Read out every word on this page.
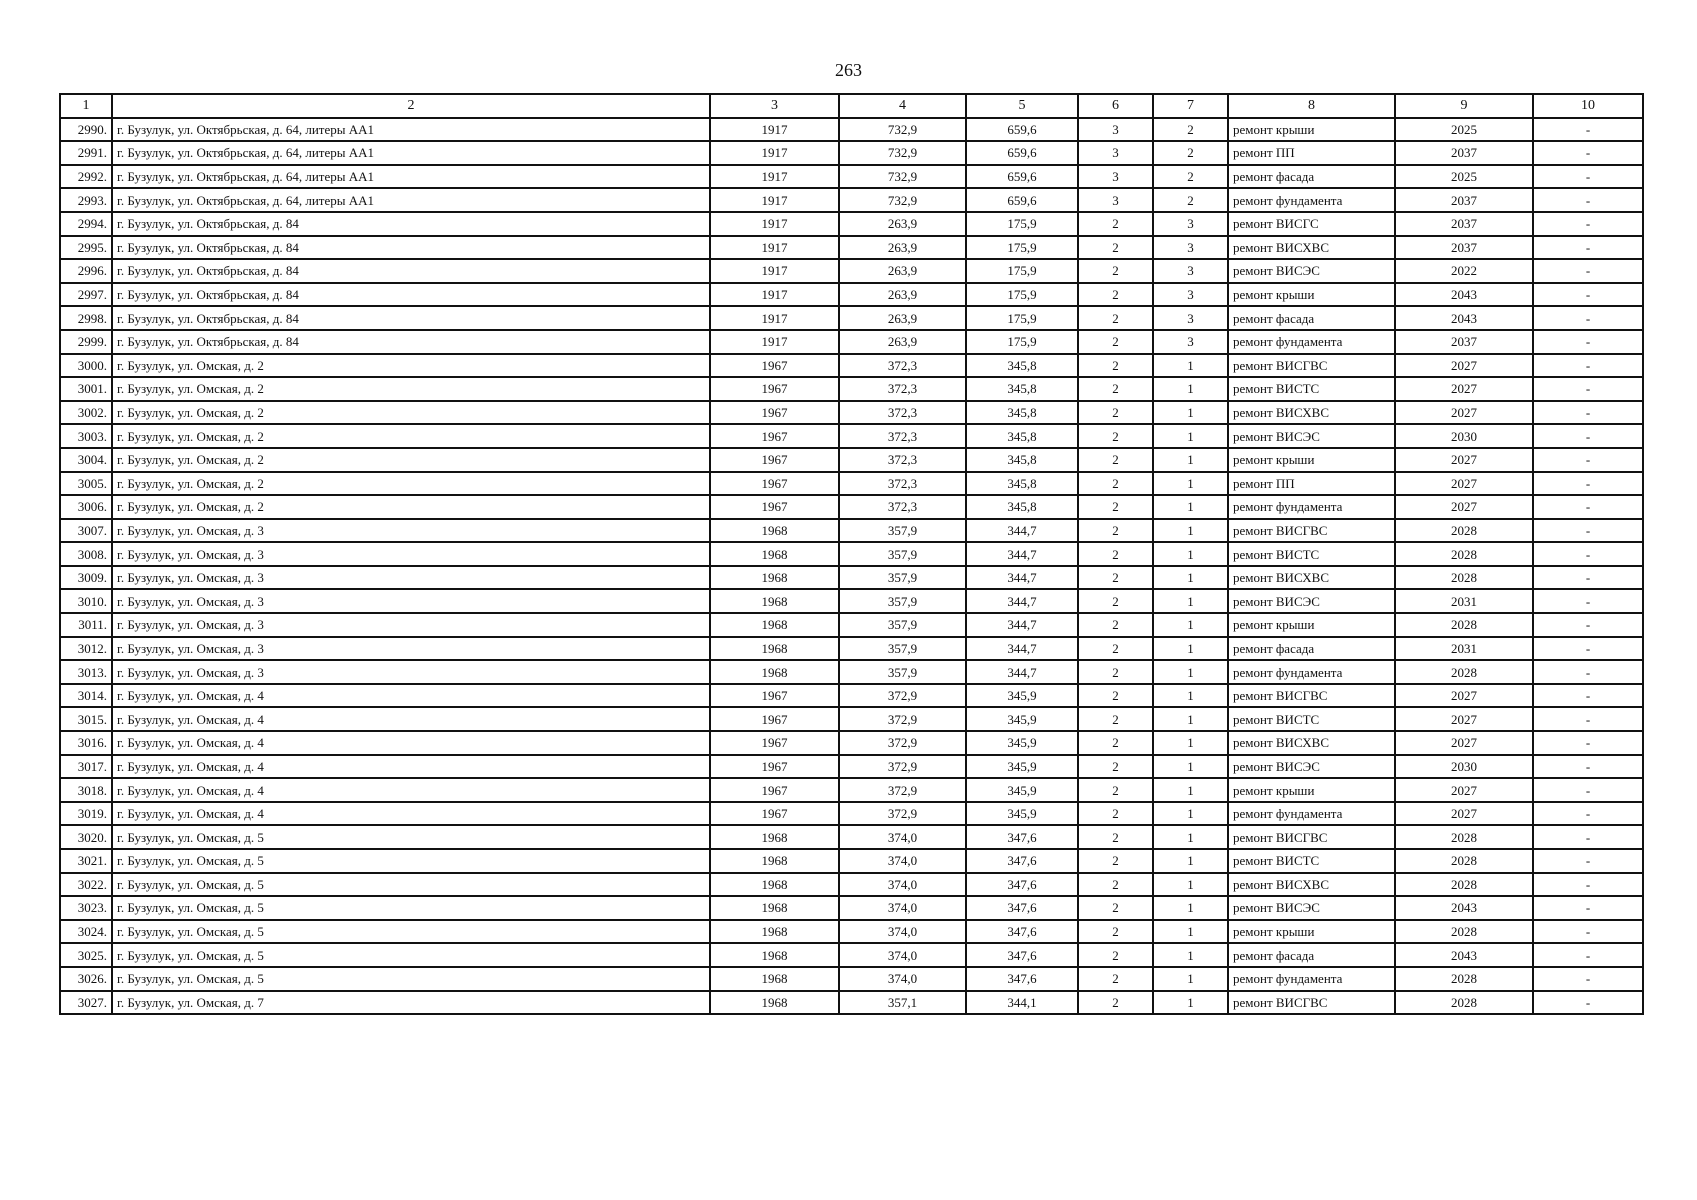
263
1	2	3	4	5	6	7	8	9	10
2990.	г. Бузулук, ул. Октябрьская, д. 64, литеры АА1	1917	732,9	659,6	3	2	ремонт крыши	2025	-
2991.	г. Бузулук, ул. Октябрьская, д. 64, литеры АА1	1917	732,9	659,6	3	2	ремонт ПП	2037	-
2992.	г. Бузулук, ул. Октябрьская, д. 64, литеры АА1	1917	732,9	659,6	3	2	ремонт фасада	2025	-
2993.	г. Бузулук, ул. Октябрьская, д. 64, литеры АА1	1917	732,9	659,6	3	2	ремонт фундамента	2037	-
2994.	г. Бузулук, ул. Октябрьская, д. 84	1917	263,9	175,9	2	3	ремонт ВИСГС	2037	-
2995.	г. Бузулук, ул. Октябрьская, д. 84	1917	263,9	175,9	2	3	ремонт ВИСХВС	2037	-
2996.	г. Бузулук, ул. Октябрьская, д. 84	1917	263,9	175,9	2	3	ремонт ВИСЭС	2022	-
2997.	г. Бузулук, ул. Октябрьская, д. 84	1917	263,9	175,9	2	3	ремонт крыши	2043	-
2998.	г. Бузулук, ул. Октябрьская, д. 84	1917	263,9	175,9	2	3	ремонт фасада	2043	-
2999.	г. Бузулук, ул. Октябрьская, д. 84	1917	263,9	175,9	2	3	ремонт фундамента	2037	-
3000.	г. Бузулук, ул. Омская, д. 2	1967	372,3	345,8	2	1	ремонт ВИСГВС	2027	-
3001.	г. Бузулук, ул. Омская, д. 2	1967	372,3	345,8	2	1	ремонт ВИСТС	2027	-
3002.	г. Бузулук, ул. Омская, д. 2	1967	372,3	345,8	2	1	ремонт ВИСХВС	2027	-
3003.	г. Бузулук, ул. Омская, д. 2	1967	372,3	345,8	2	1	ремонт ВИСЭС	2030	-
3004.	г. Бузулук, ул. Омская, д. 2	1967	372,3	345,8	2	1	ремонт крыши	2027	-
3005.	г. Бузулук, ул. Омская, д. 2	1967	372,3	345,8	2	1	ремонт ПП	2027	-
3006.	г. Бузулук, ул. Омская, д. 2	1967	372,3	345,8	2	1	ремонт фундамента	2027	-
3007.	г. Бузулук, ул. Омская, д. 3	1968	357,9	344,7	2	1	ремонт ВИСГВС	2028	-
3008.	г. Бузулук, ул. Омская, д. 3	1968	357,9	344,7	2	1	ремонт ВИСТС	2028	-
3009.	г. Бузулук, ул. Омская, д. 3	1968	357,9	344,7	2	1	ремонт ВИСХВС	2028	-
3010.	г. Бузулук, ул. Омская, д. 3	1968	357,9	344,7	2	1	ремонт ВИСЭС	2031	-
3011.	г. Бузулук, ул. Омская, д. 3	1968	357,9	344,7	2	1	ремонт крыши	2028	-
3012.	г. Бузулук, ул. Омская, д. 3	1968	357,9	344,7	2	1	ремонт фасада	2031	-
3013.	г. Бузулук, ул. Омская, д. 3	1968	357,9	344,7	2	1	ремонт фундамента	2028	-
3014.	г. Бузулук, ул. Омская, д. 4	1967	372,9	345,9	2	1	ремонт ВИСГВС	2027	-
3015.	г. Бузулук, ул. Омская, д. 4	1967	372,9	345,9	2	1	ремонт ВИСТС	2027	-
3016.	г. Бузулук, ул. Омская, д. 4	1967	372,9	345,9	2	1	ремонт ВИСХВС	2027	-
3017.	г. Бузулук, ул. Омская, д. 4	1967	372,9	345,9	2	1	ремонт ВИСЭС	2030	-
3018.	г. Бузулук, ул. Омская, д. 4	1967	372,9	345,9	2	1	ремонт крыши	2027	-
3019.	г. Бузулук, ул. Омская, д. 4	1967	372,9	345,9	2	1	ремонт фундамента	2027	-
3020.	г. Бузулук, ул. Омская, д. 5	1968	374,0	347,6	2	1	ремонт ВИСГВС	2028	-
3021.	г. Бузулук, ул. Омская, д. 5	1968	374,0	347,6	2	1	ремонт ВИСТС	2028	-
3022.	г. Бузулук, ул. Омская, д. 5	1968	374,0	347,6	2	1	ремонт ВИСХВС	2028	-
3023.	г. Бузулук, ул. Омская, д. 5	1968	374,0	347,6	2	1	ремонт ВИСЭС	2043	-
3024.	г. Бузулук, ул. Омская, д. 5	1968	374,0	347,6	2	1	ремонт крыши	2028	-
3025.	г. Бузулук, ул. Омская, д. 5	1968	374,0	347,6	2	1	ремонт фасада	2043	-
3026.	г. Бузулук, ул. Омская, д. 5	1968	374,0	347,6	2	1	ремонт фундамента	2028	-
3027.	г. Бузулук, ул. Омская, д. 7	1968	357,1	344,1	2	1	ремонт ВИСГВС	2028	-
